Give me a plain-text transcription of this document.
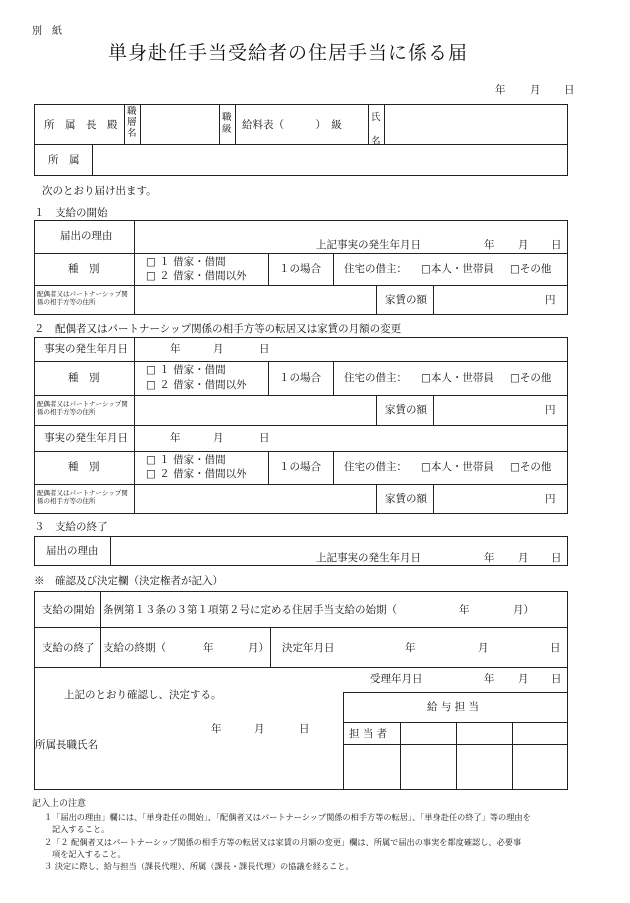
別　紙
単身赴任手当受給者の住居手当に係る届
年 月 日
所　属　長　殿
職層名
職級 給料表（　　　）　級
氏名
所　属
次のとおり届け出ます。
１　支給の開始
届出の理由
上記事実の発生年月日	年 月 日
種　別
□ １ 借家・借間
□ ２ 借家・借間以外
１の場合 住宅の借主： □本人・世帯員 □その他
配偶者又はパートナーシップ関係の相手方等の住所	家賃の額	円
２　配偶者又はパートナーシップ関係の相手方等の転居又は家賃の月額の変更
事実の発生年月日	年	月	日
種　別
□ １ 借家・借間
□ ２ 借家・借間以外
１の場合 住宅の借主： □本人・世帯員 □その他
配偶者又はパートナーシップ関係の相手方等の住所	家賃の額	円
事実の発生年月日	年	月	日
種　別
□ １ 借家・借間
□ ２ 借家・借間以外
１の場合 住宅の借主： □本人・世帯員 □その他
配偶者又はパートナーシップ関係の相手方等の住所	家賃の額	円
３　支給の終了
届出の理由
上記事実の発生年月日	年 月 日
※　確認及び決定欄（決定権者が記入）
支給の開始 条例第１３条の３第１項第２号に定める住居手当支給の始期（	年	月）
支給の終了 支給の終期（	年	月） 決定年月日	年	月	日
受理年月日	年 月 日
上記のとおり確認し、決定する。
年	月	日
所属長職氏名
給 与 担 当
担 当 者
記入上の注意
１「届出の理由」欄には、「単身赴任の開始」、「配偶者又はパートナーシップ関係の相手方等の転居」、「単身赴任の終了」等の理由を
記入すること。
２「２ 配偶者又はパートナーシップ関係の相手方等の転居又は家賃の月額の変更」欄は、所属で届出の事実を都度確認し、必要事
項を記入すること。
３ 決定に際し、給与担当（課長代理）、所属（課長・課長代理）の協議を経ること。
